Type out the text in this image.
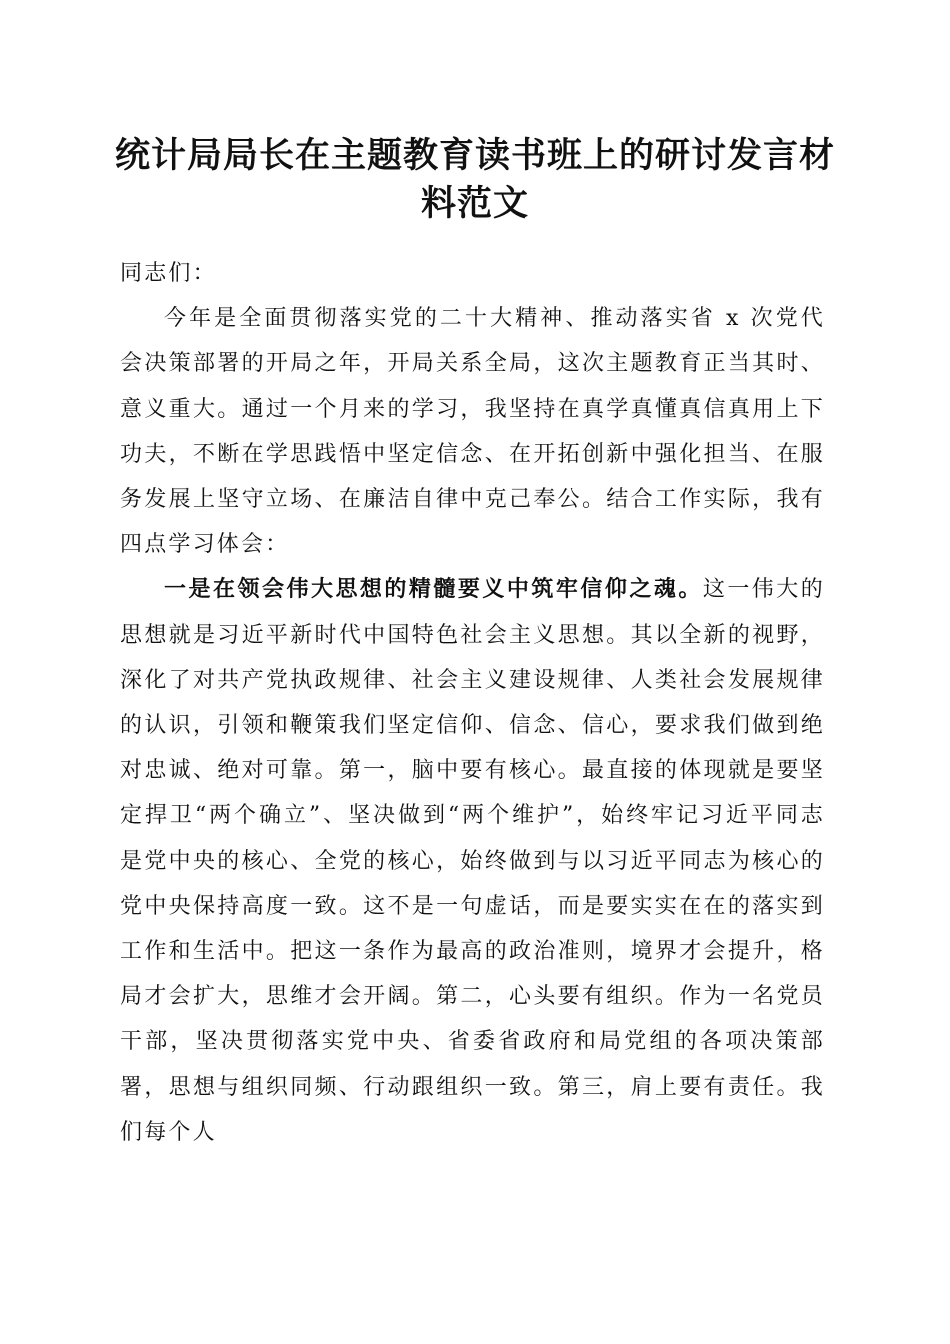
统计局局长在主题教育读书班上的研讨发言材
料范文

同志们：

今年是全面贯彻落实党的二十大精神、推动落实省 x 次党代会决策部署的开局之年，开局关系全局，这次主题教育正当其时、意义重大。通过一个月来的学习，我坚持在真学真懂真信真用上下功夫，不断在学思践悟中坚定信念、在开拓创新中强化担当、在服务发展上坚守立场、在廉洁自律中克己奉公。结合工作实际，我有四点学习体会：

一是在领会伟大思想的精髓要义中筑牢信仰之魂。这一伟大的思想就是习近平新时代中国特色社会主义思想。其以全新的视野，深化了对共产党执政规律、社会主义建设规律、人类社会发展规律的认识，引领和鞭策我们坚定信仰、信念、信心，要求我们做到绝对忠诚、绝对可靠。第一，脑中要有核心。最直接的体现就是要坚定捍卫“两个确立”、坚决做到“两个维护”，始终牢记习近平同志是党中央的核心、全党的核心，始终做到与以习近平同志为核心的党中央保持高度一致。这不是一句虚话，而是要实实在在的落实到工作和生活中。把这一条作为最高的政治准则，境界才会提升，格局才会扩大，思维才会开阔。第二，心头要有组织。作为一名党员干部，坚决贯彻落实党中央、省委省政府和局党组的各项决策部署，思想与组织同频、行动跟组织一致。第三，肩上要有责任。我们每个人
